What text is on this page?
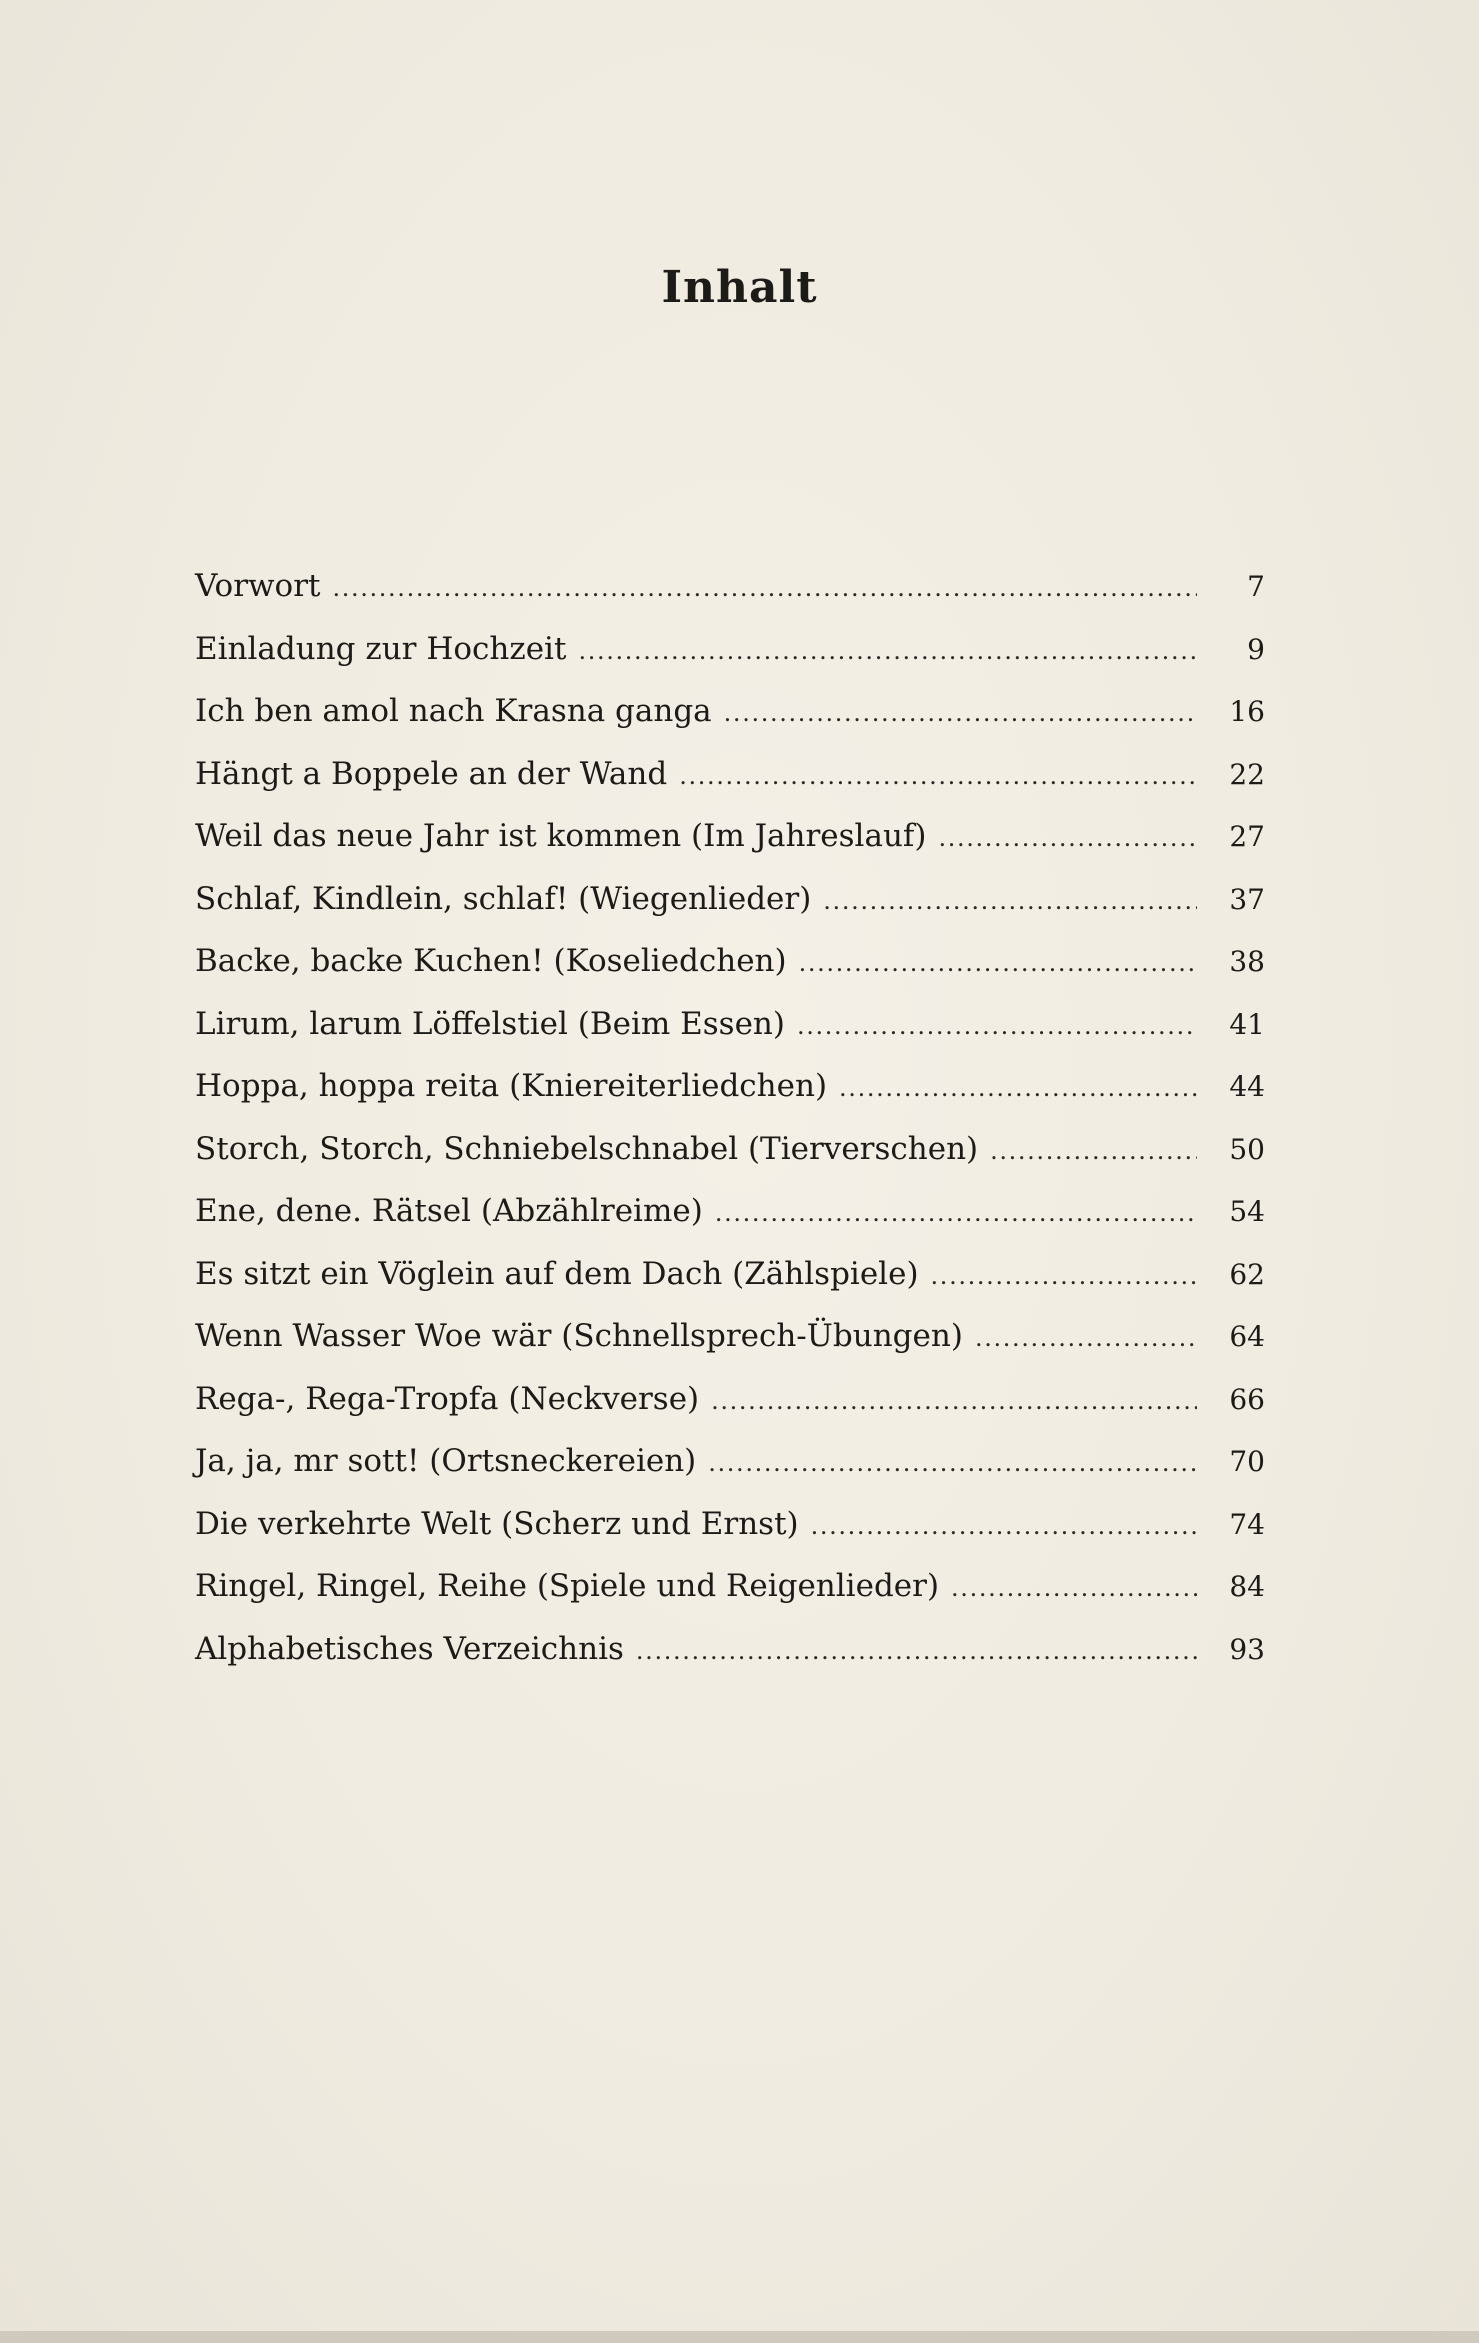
Inhalt
Vorwort . . .	7
Einladung zur Hochzeit . . .	9
Ich ben amol nach Krasna ganga . . .	16
Hängt a Boppele an der Wand . . .	22
Weil das neue Jahr ist kommen (Im Jahreslauf) . . .	27
Schlaf, Kindlein, schlaf! (Wiegenlieder) . . .	37
Backe, backe Kuchen! (Koseliedchen) . . .	38
Lirum, larum Löffelstiel (Beim Essen) . . .	41
Hoppa, hoppa reita (Kniereiterliedchen) . . .	44
Storch, Storch, Schniebelschnabel (Tierverschen) . . .	50
Ene, dene. Rätsel (Abzählreime) . . .	54
Es sitzt ein Vöglein auf dem Dach (Zählspiele) . . .	62
Wenn Wasser Woe wär (Schnellsprech-Übungen) . . .	64
Rega-, Rega-Tropfa (Neckverse) . . .	66
Ja, ja, mr sott! (Ortsneckereien) . . .	70
Die verkehrte Welt (Scherz und Ernst) . . .	74
Ringel, Ringel, Reihe (Spiele und Reigenlieder) . . .	84
Alphabetisches Verzeichnis . . .	93
